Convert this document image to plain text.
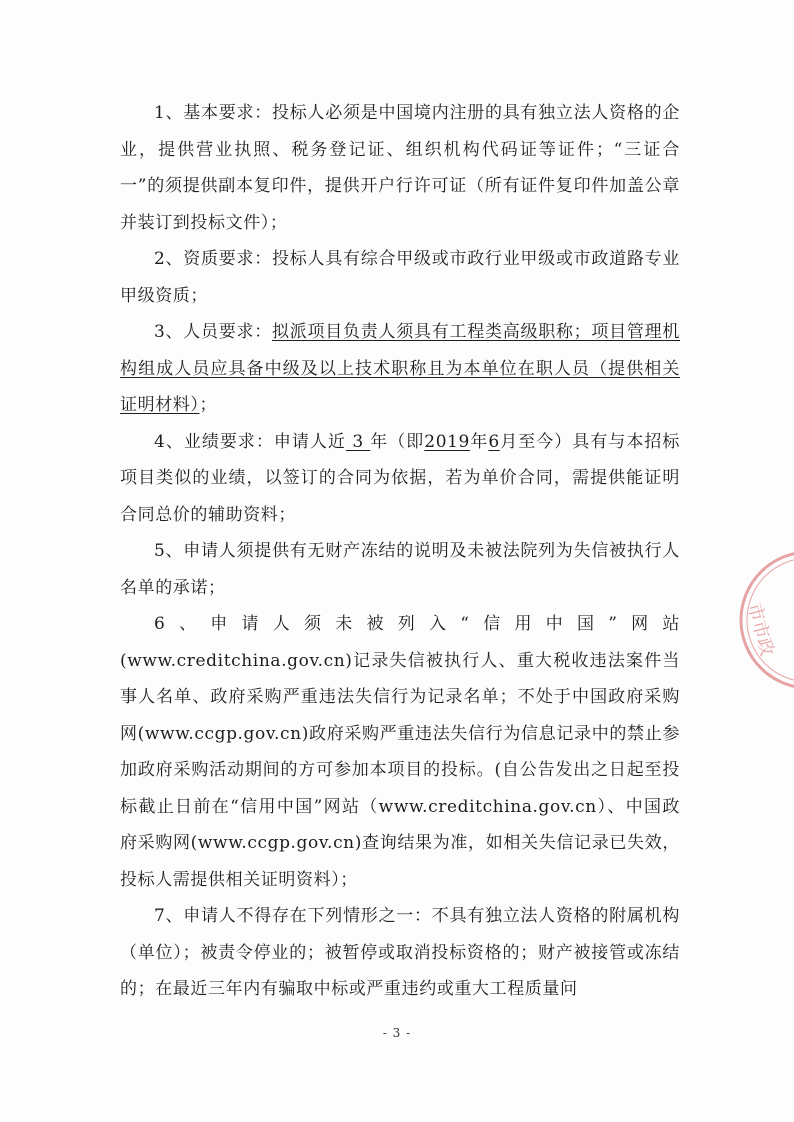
1、基本要求：投标人必须是中国境内注册的具有独立法人资格的企业，提供营业执照、税务登记证、组织机构代码证等证件；“三证合一”的须提供副本复印件，提供开户行许可证（所有证件复印件加盖公章并装订到投标文件）；

2、资质要求：投标人具有综合甲级或市政行业甲级或市政道路专业甲级资质；

3、人员要求：拟派项目负责人须具有工程类高级职称；项目管理机构组成人员应具备中级及以上技术职称且为本单位在职人员（提供相关证明材料）；

4、业绩要求：申请人近 3 年（即2019年6月至今）具有与本招标项目类似的业绩，以签订的合同为依据，若为单价合同，需提供能证明合同总价的辅助资料；

5、申请人须提供有无财产冻结的说明及未被法院列为失信被执行人名单的承诺；

6、申请人须未被列入“信用中国”网站(www.creditchina.gov.cn)记录失信被执行人、重大税收违法案件当事人名单、政府采购严重违法失信行为记录名单；不处于中国政府采购网(www.ccgp.gov.cn)政府采购严重违法失信行为信息记录中的禁止参加政府采购活动期间的方可参加本项目的投标。(自公告发出之日起至投标截止日前在“信用中国”网站（www.creditchina.gov.cn）、中国政府采购网(www.ccgp.gov.cn)查询结果为准，如相关失信记录已失效，投标人需提供相关证明资料）；

7、申请人不得存在下列情形之一：不具有独立法人资格的附属机构（单位）；被责令停业的；被暂停或取消投标资格的；财产被接管或冻结的；在最近三年内有骗取中标或严重违约或重大工程质量问

市市政
- 3 -
